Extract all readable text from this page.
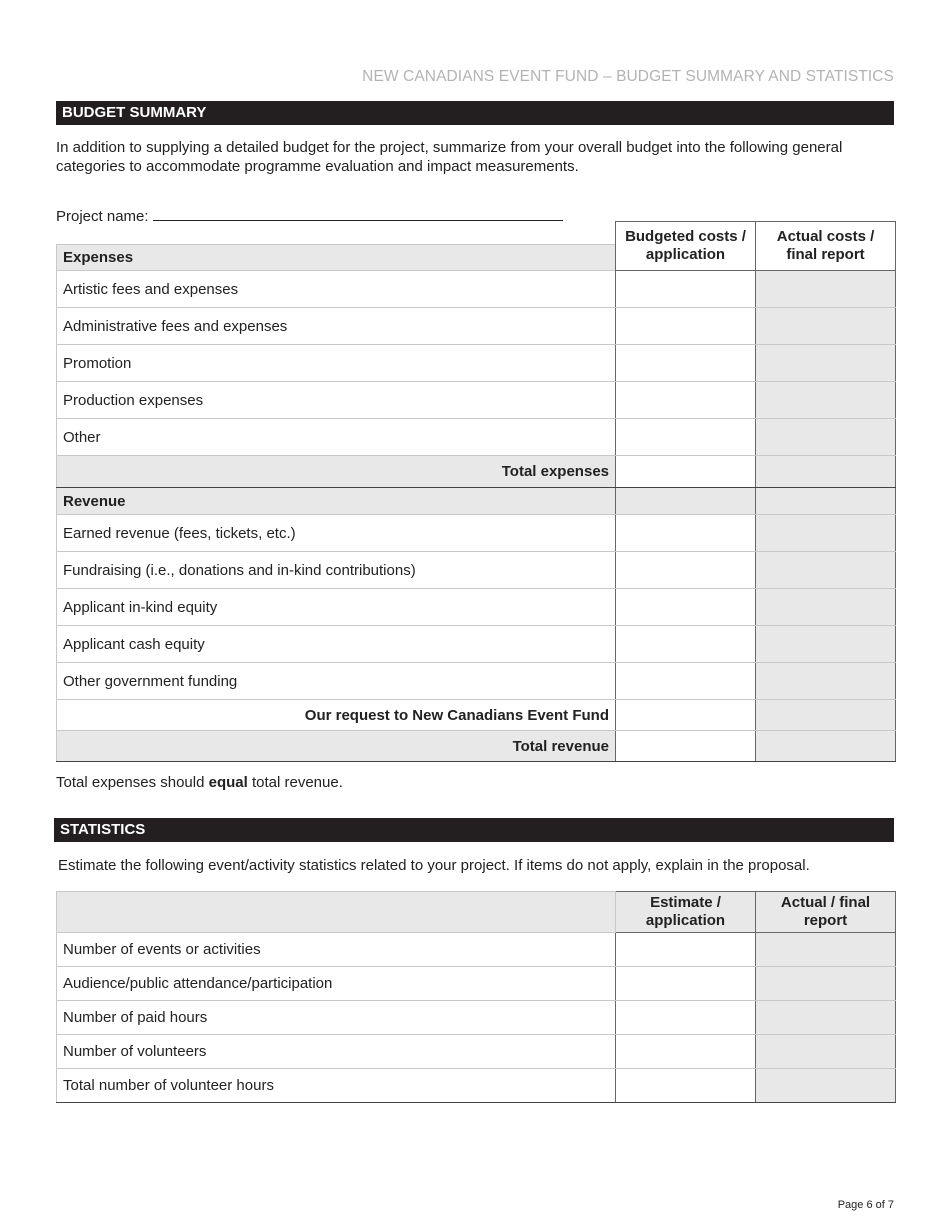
NEW CANADIANS EVENT FUND – BUDGET SUMMARY AND STATISTICS
BUDGET SUMMARY
In addition to supplying a detailed budget for the project, summarize from your overall budget into the following general categories to accommodate programme evaluation and impact measurements.
Project name:
	Budgeted costs / application	Actual costs / final report
Expenses		
Artistic fees and expenses		
Administrative fees and expenses		
Promotion		
Production expenses		
Other		
Total expenses		
Revenue		
Earned revenue (fees, tickets, etc.)		
Fundraising (i.e., donations and in-kind contributions)		
Applicant in-kind equity		
Applicant cash equity		
Other government funding		
Our request to New Canadians Event Fund		
Total revenue		
Total expenses should equal total revenue.
STATISTICS
Estimate the following event/activity statistics related to your project. If items do not apply, explain in the proposal.
	Estimate / application	Actual / final report
Number of events or activities		
Audience/public attendance/participation		
Number of paid hours		
Number of volunteers		
Total number of volunteer hours		
Page 6 of 7
